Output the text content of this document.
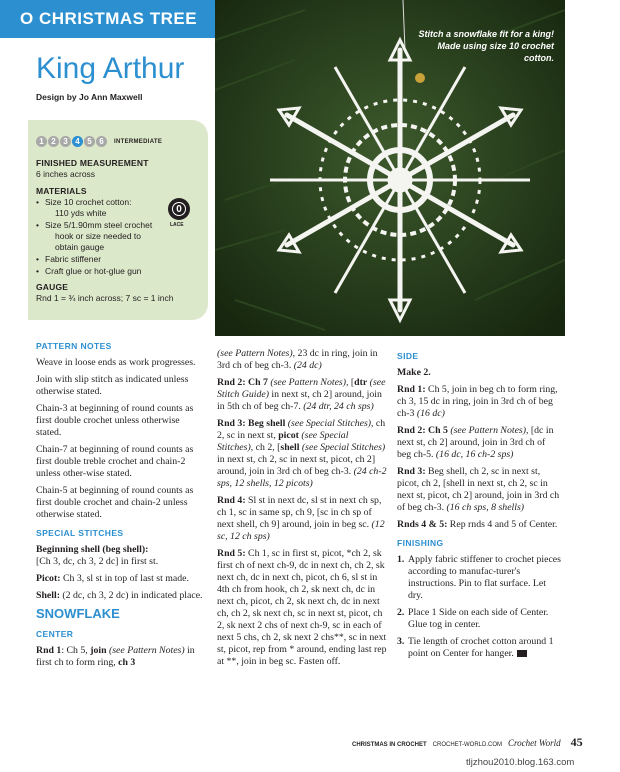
O CHRISTMAS TREE
King Arthur
Design by Jo Ann Maxwell
Stitch a snowflake fit for a king! Made using size 10 crochet cotton.
1 2 3 4 5 6	INTERMEDIATE
FINISHED MEASUREMENT

6 inches across

MATERIALS
• Size 10 crochet cotton:
110 yds white
• Size 5/1.90mm steel crochet
hook or size needed to
obtain gauge
• Fabric stiffener
• Craft glue or hot-glue gun
GAUGE

Rnd 1 = ¾ inch across; 7 sc = 1 inch

0
LACE
PATTERN NOTES

Weave in loose ends as work progresses.

Join with slip stitch as indicated unless otherwise stated.

Chain-3 at beginning of round counts as first double crochet unless otherwise stated.

Chain-7 at beginning of round counts as first double treble crochet and chain-2 unless other-wise stated.

Chain-5 at beginning of round counts as first double crochet and chain-2 unless otherwise stated.

SPECIAL STITCHES

Beginning shell (beg shell):
[Ch 3, dc, ch 3, 2 dc] in first st.

Picot: Ch 3, sl st in top of last st made.

Shell: (2 dc, ch 3, 2 dc) in indicated place.

SNOWFLAKE
CENTER

Rnd 1: Ch 5, join (see Pattern Notes) in first ch to form ring, ch 3

(see Pattern Notes), 23 dc in ring, join in 3rd ch of beg ch-3. (24 dc)

Rnd 2: Ch 7 (see Pattern Notes), [dtr (see Stitch Guide) in next st, ch 2] around, join in 5th ch of beg ch-7. (24 dtr, 24 ch sps)

Rnd 3: Beg shell (see Special Stitches), ch 2, sc in next st, picot (see Special Stitches), ch 2, [shell (see Special Stitches) in next st, ch 2, sc in next st, picot, ch 2] around, join in 3rd ch of beg ch-3. (24 ch-2 sps, 12 shells, 12 picots)

Rnd 4: Sl st in next dc, sl st in next ch sp, ch 1, sc in same sp, ch 9, [sc in ch sp of next shell, ch 9] around, join in beg sc. (12 sc, 12 ch sps)

Rnd 5: Ch 1, sc in first st, picot, *ch 2, sk first ch of next ch-9, dc in next ch, ch 2, sk next ch, dc in next ch, picot, ch 6, sl st in 4th ch from hook, ch 2, sk next ch, dc in next ch, picot, ch 2, sk next ch, dc in next ch, ch 2, sk next ch, sc in next st, picot, ch 2, sk next 2 chs of next ch-9, sc in each of next 5 chs, ch 2, sk next 2 chs**, sc in next st, picot, rep from * around, ending last rep at **, join in beg sc. Fasten off.

SIDE

Make 2.

Rnd 1: Ch 5, join in beg ch to form ring, ch 3, 15 dc in ring, join in 3rd ch of beg ch-3 (16 dc)

Rnd 2: Ch 5 (see Pattern Notes), [dc in next st, ch 2] around, join in 3rd ch of beg ch-5. (16 dc, 16 ch-2 sps)

Rnd 3: Beg shell, ch 2, sc in next st, picot, ch 2, [shell in next st, ch 2, sc in next st, picot, ch 2] around, join in 3rd ch of beg ch-3. (16 ch sps, 8 shells)

Rnds 4 & 5: Rep rnds 4 and 5 of Center.

FINISHING
1. Apply fabric stiffener to crochet pieces according to manufac-turer's instructions. Pin to flat surface. Let dry.
2. Place 1 Side on each side of Center. Glue tog in center.
3. Tie length of crochet cotton around 1 point on Center for hanger.
CHRISTMAS IN CROCHET CROCHET-WORLD.COM Crochet World 45
tljzhou2010.blog.163.com
